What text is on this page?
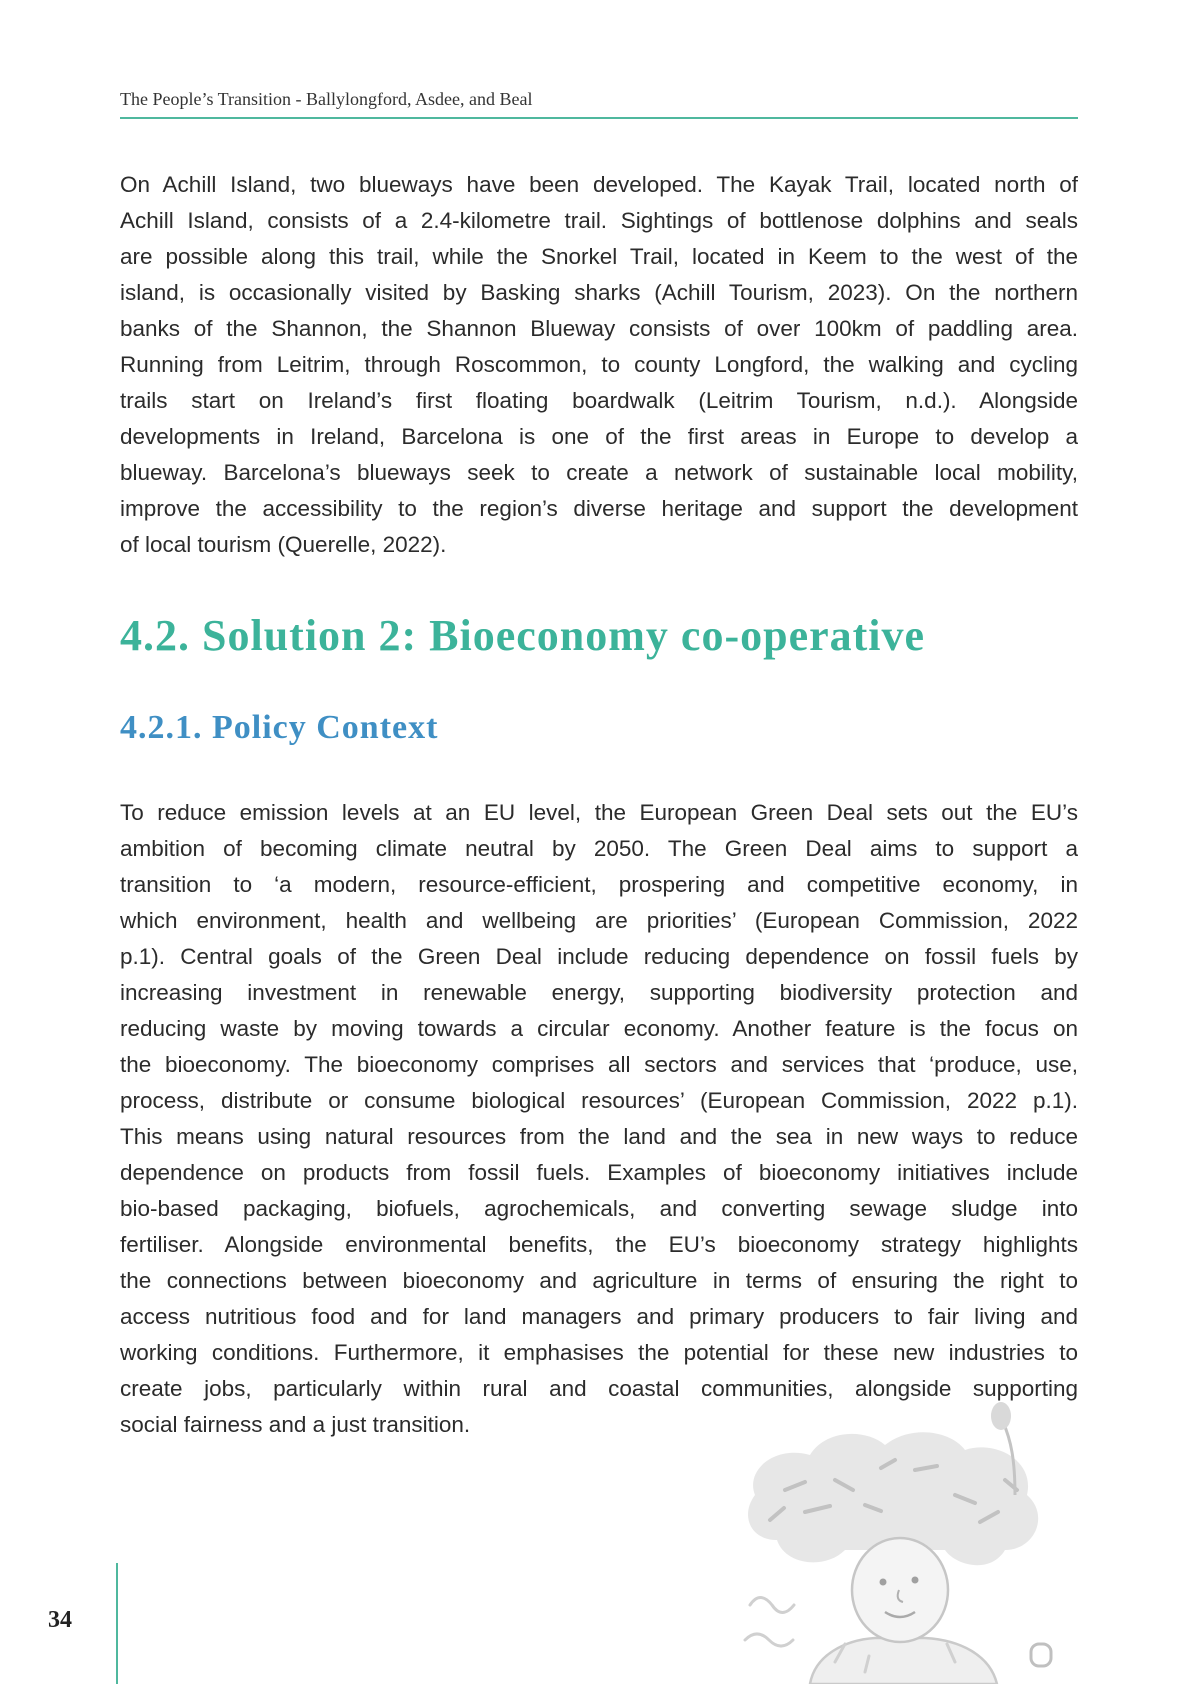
The People’s Transition - Ballylongford, Asdee, and Beal
On Achill Island, two blueways have been developed. The Kayak Trail, located north of
Achill Island, consists of a 2.4-kilometre trail. Sightings of bottlenose dolphins and seals
are possible along this trail, while the Snorkel Trail, located in Keem to the west of the
island, is occasionally visited by Basking sharks (Achill Tourism, 2023). On the northern
banks of the Shannon, the Shannon Blueway consists of over 100km of paddling area.
Running from Leitrim, through Roscommon, to county Longford, the walking and cycling
trails start on Ireland’s first floating boardwalk (Leitrim Tourism, n.d.). Alongside
developments in Ireland, Barcelona is one of the first areas in Europe to develop a
blueway. Barcelona’s blueways seek to create a network of sustainable local mobility,
improve the accessibility to the region’s diverse heritage and support the development
of local tourism (Querelle, 2022).
4.2. Solution 2: Bioeconomy co-operative
4.2.1. Policy Context
To reduce emission levels at an EU level, the European Green Deal sets out the EU’s
ambition of becoming climate neutral by 2050. The Green Deal aims to support a
transition to ‘a modern, resource-efficient, prospering and competitive economy, in
which environment, health and wellbeing are priorities’ (European Commission, 2022
p.1). Central goals of the Green Deal include reducing dependence on fossil fuels by
increasing investment in renewable energy, supporting biodiversity protection and
reducing waste by moving towards a circular economy. Another feature is the focus on
the bioeconomy. The bioeconomy comprises all sectors and services that ‘produce, use,
process, distribute or consume biological resources’ (European Commission, 2022 p.1).
This means using natural resources from the land and the sea in new ways to reduce
dependence on products from fossil fuels. Examples of bioeconomy initiatives include
bio-based packaging, biofuels, agrochemicals, and converting sewage sludge into
fertiliser. Alongside environmental benefits, the EU’s bioeconomy strategy highlights
the connections between bioeconomy and agriculture in terms of ensuring the right to
access nutritious food and for land managers and primary producers to fair living and
working conditions. Furthermore, it emphasises the potential for these new industries to
create jobs, particularly within rural and coastal communities, alongside supporting
social fairness and a just transition.
34
